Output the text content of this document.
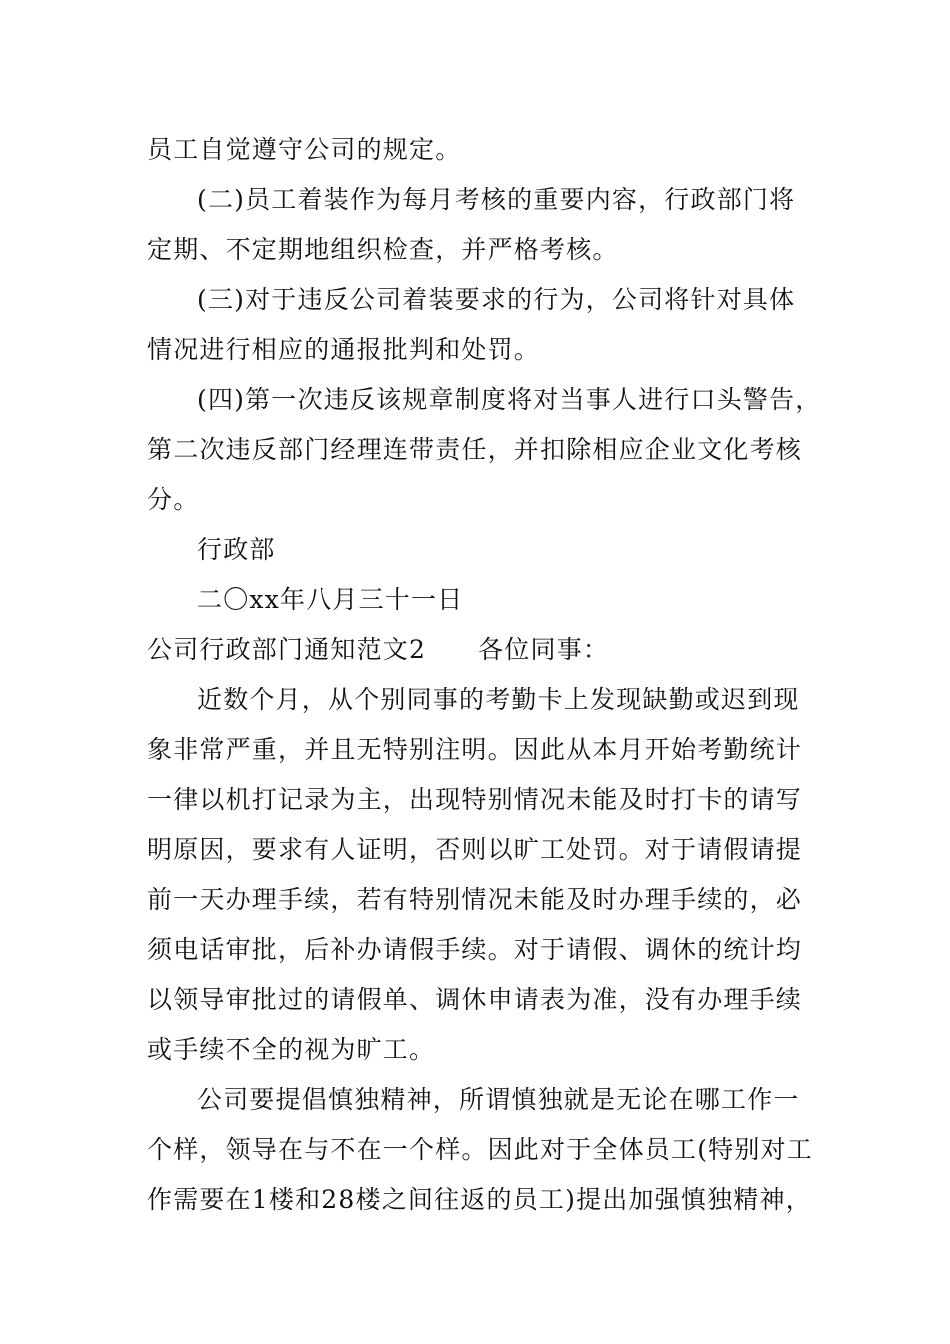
员工自觉遵守公司的规定。

(二)员工着装作为每月考核的重要内容，行政部门将

定期、不定期地组织检查，并严格考核。

(三)对于违反公司着装要求的行为，公司将针对具体

情况进行相应的通报批判和处罚。

(四)第一次违反该规章制度将对当事人进行口头警告，

第二次违反部门经理连带责任，并扣除相应企业文化考核

分。

行政部

二〇xx年八月三十一日

公司行政部门通知范文2 各位同事：

近数个月，从个别同事的考勤卡上发现缺勤或迟到现

象非常严重，并且无特别注明。因此从本月开始考勤统计

一律以机打记录为主，出现特别情况未能及时打卡的请写

明原因，要求有人证明，否则以旷工处罚。对于请假请提

前一天办理手续，若有特别情况未能及时办理手续的，必

须电话审批，后补办请假手续。对于请假、调休的统计均

以领导审批过的请假单、调休申请表为准，没有办理手续

或手续不全的视为旷工。

公司要提倡慎独精神，所谓慎独就是无论在哪工作一

个样，领导在与不在一个样。因此对于全体员工(特别对工

作需要在1楼和28楼之间往返的员工)提出加强慎独精神，
